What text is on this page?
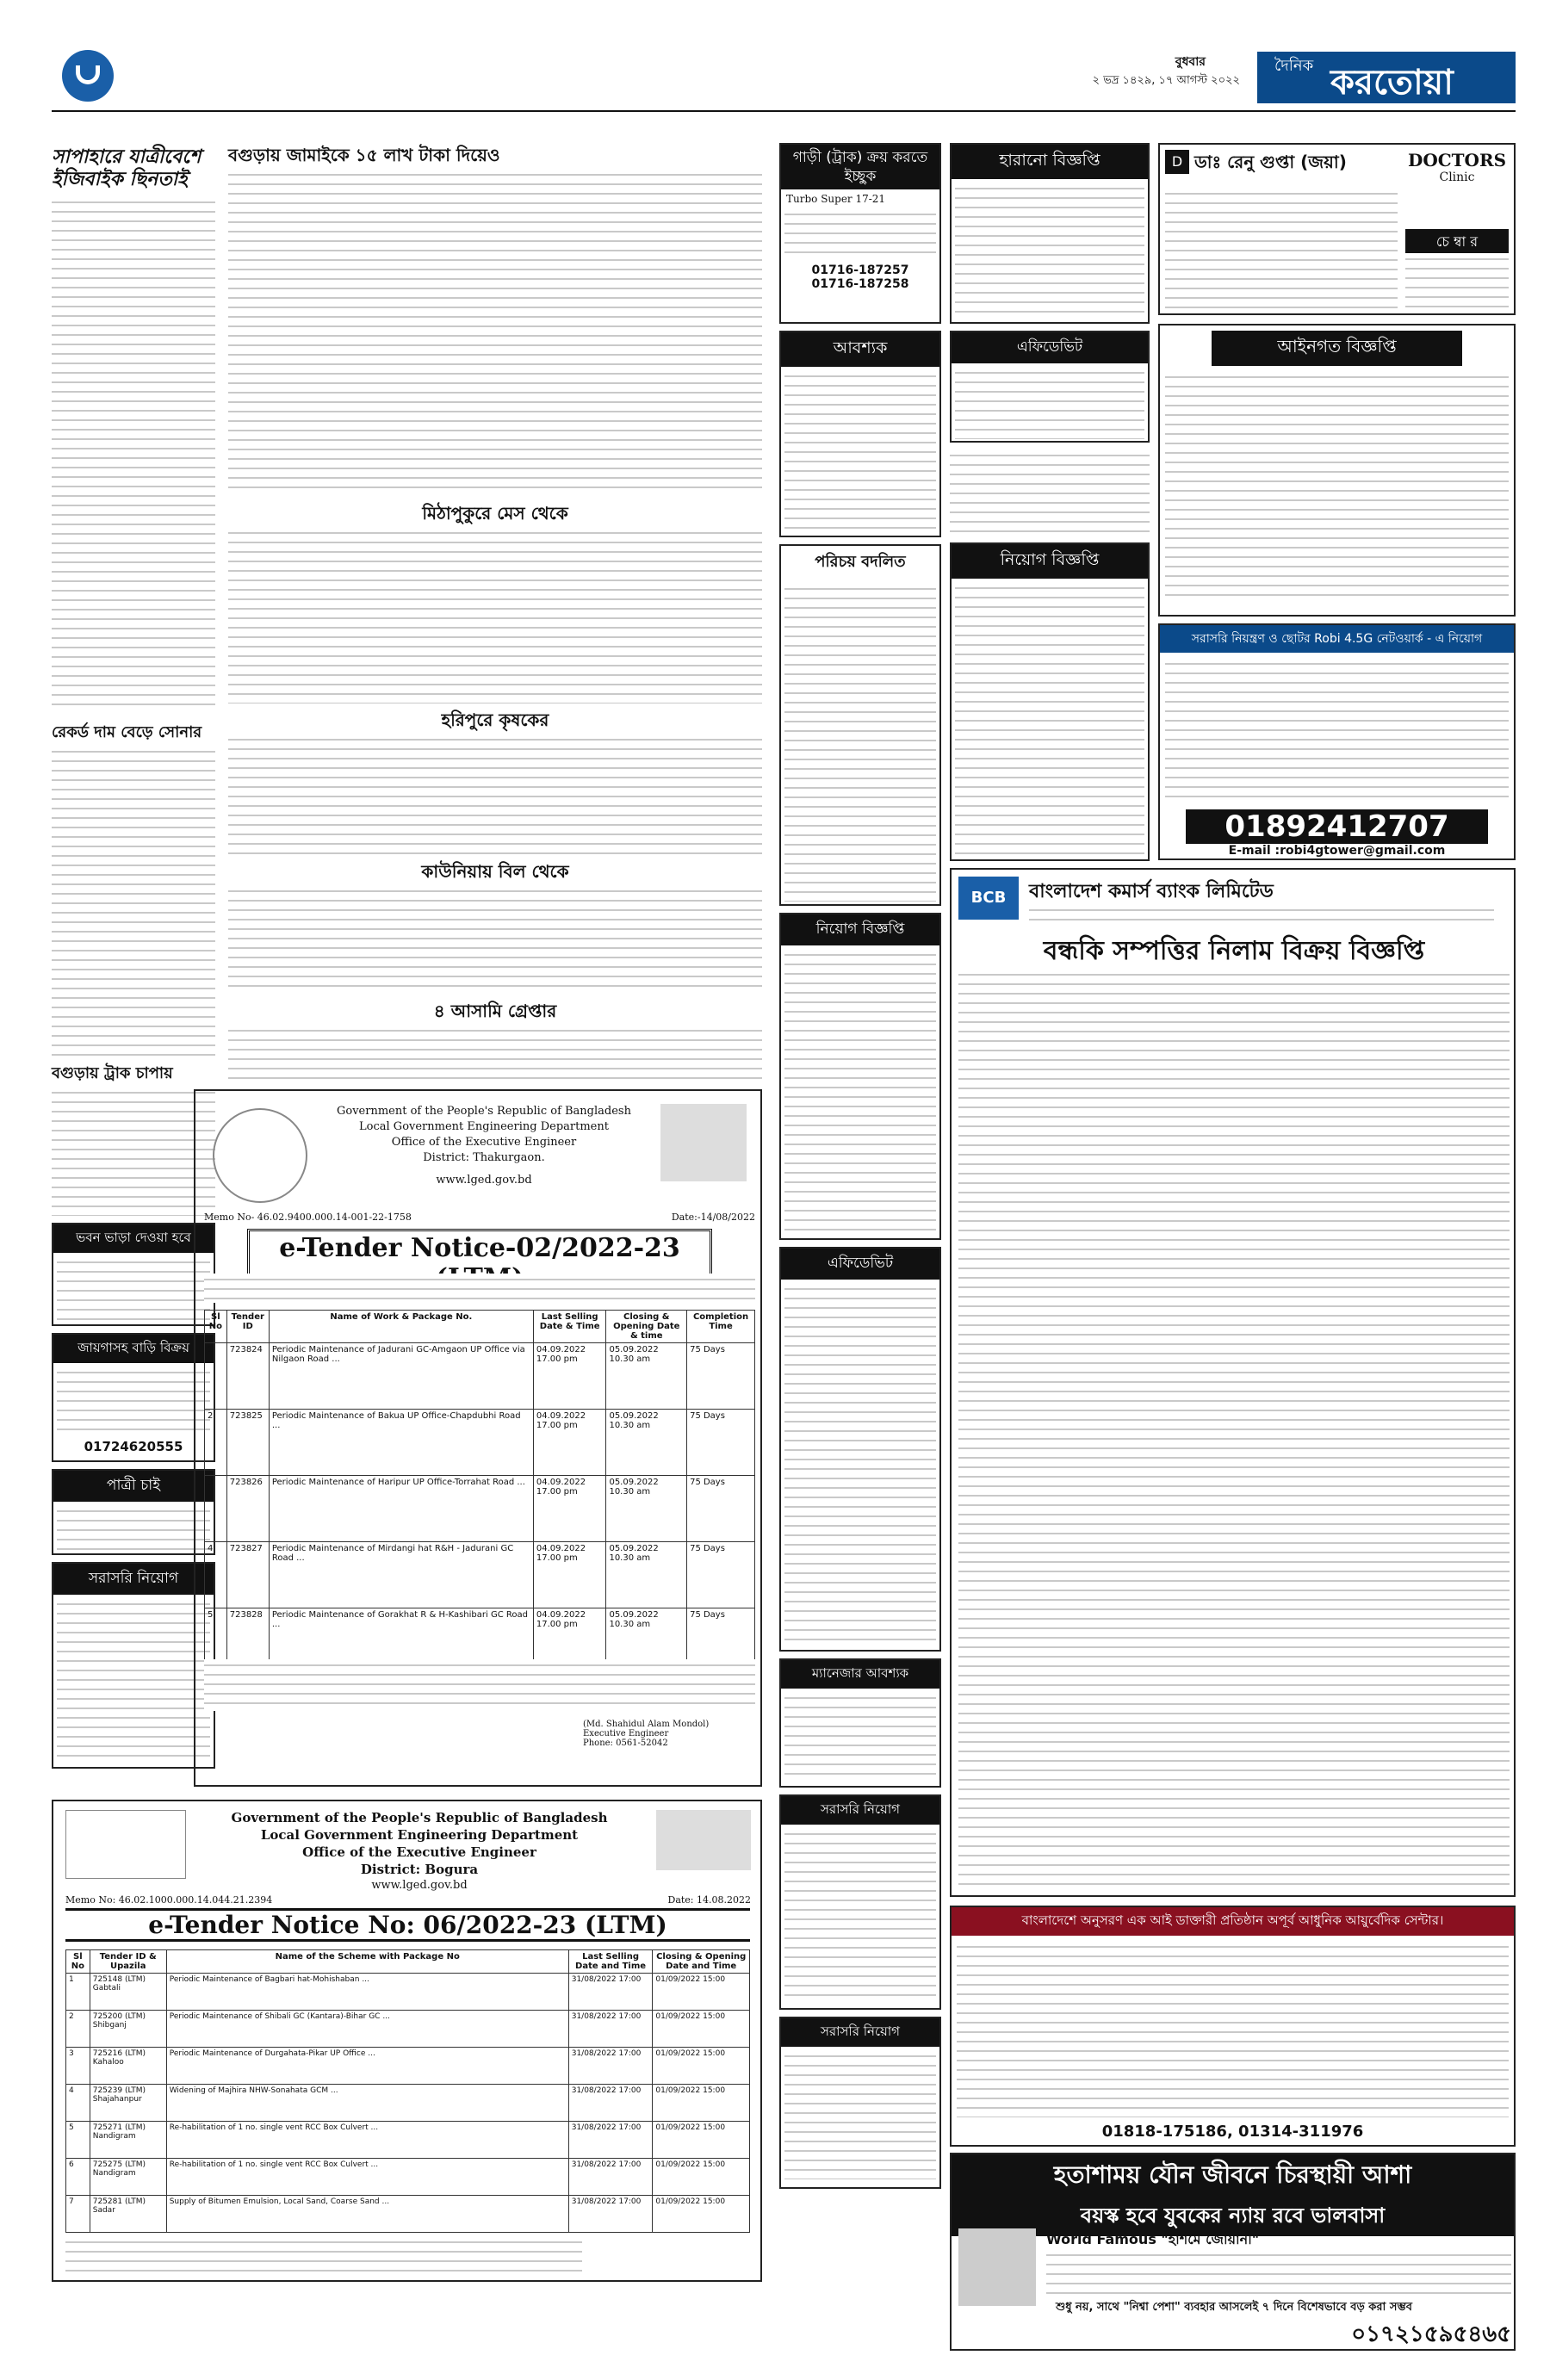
বুধবার
২ ভদ্র ১৪২৯, ১৭ আগস্ট ২০২২
দৈনিক করতোয়া
সাপাহারে যাত্রীবেশে ইজিবাইক ছিনতাই
রেকর্ড দাম বেড়ে সোনার
বগুড়ায় ট্রাক চাপায়
ভবন ভাড়া দেওয়া হবে
জায়গাসহ বাড়ি বিক্রয়
01724620555
পাত্রী চাই
সরাসরি নিয়োগ
বগুড়ায় জামাইকে ১৫ লাখ টাকা দিয়েও
মিঠাপুকুরে মেস থেকে
হরিপুরে কৃষকের
কাউনিয়ায় বিল থেকে
৪ আসামি গ্রেপ্তার
Government of the People's Republic of Bangladesh
Local Government Engineering Department
Office of the Executive Engineer
District: Thakurgaon.
www.lged.gov.bd
Memo No- 46.02.9400.000.14-001-22-1758	Date:-14/08/2022
e-Tender Notice-02/2022-23
Sl No	Tender ID	Name of Work & Package No.	Last Selling Date & Time	Closing & Opening Date & time	Completion Time
1	723824	Periodic Maintenance of Jadurani GC-Amgaon UP Office via Nilgaon Road ...	04.09.2022 17.00 pm	05.09.2022 10.30 am	75 Days
2	723825	Periodic Maintenance of Bakua UP Office-Chapdubhi Road ...	04.09.2022 17.00 pm	05.09.2022 10.30 am	75 Days
3	723826	Periodic Maintenance of Haripur UP Office-Torrahat Road ...	04.09.2022 17.00 pm	05.09.2022 10.30 am	75 Days
4	723827	Periodic Maintenance of Mirdangi hat R&H - Jadurani GC Road ...	04.09.2022 17.00 pm	05.09.2022 10.30 am	75 Days
5	723828	Periodic Maintenance of Gorakhat R & H-Kashibari GC Road ...	04.09.2022 17.00 pm	05.09.2022 10.30 am	75 Days
(Md. Shahidul Alam Mondol)
Executive Engineer
Phone: 0561-52042
Government of the People's Republic of Bangladesh
Local Government Engineering Department
Office of the Executive Engineer
District: Bogura
www.lged.gov.bd
Memo No: 46.02.1000.000.14.044.21.2394	Date: 14.08.2022
e-Tender Notice No: 06/2022-23 (LTM)
Sl No	Tender ID & Upazila	Name of the Scheme with Package No	Last Selling Date and Time	Closing & Opening Date and Time
1	725148 (LTM) Gabtali	Periodic Maintenance of Bagbari hat-Mohishaban ...	31/08/2022 17:00	01/09/2022 15:00
2	725200 (LTM) Shibganj	Periodic Maintenance of Shibali GC (Kantara)-Bihar GC ...	31/08/2022 17:00	01/09/2022 15:00
3	725216 (LTM) Kahaloo	Periodic Maintenance of Durgahata-Pikar UP Office ...	31/08/2022 17:00	01/09/2022 15:00
4	725239 (LTM) Shajahanpur	Widening of Majhira NHW-Sonahata GCM ...	31/08/2022 17:00	01/09/2022 15:00
5	725271 (LTM) Nandigram	Re-habilitation of 1 no. single vent RCC Box Culvert ...	31/08/2022 17:00	01/09/2022 15:00
6	725275 (LTM) Nandigram	Re-habilitation of 1 no. single vent RCC Box Culvert ...	31/08/2022 17:00	01/09/2022 15:00
7	725281 (LTM) Sadar	Supply of Bitumen Emulsion, Local Sand, Coarse Sand ...	31/08/2022 17:00	01/09/2022 15:00
গাড়ী (ট্রাক) ক্রয় করতে ইচ্ছুক
Turbo Super 17-21
01716-187257
01716-187258
আবশ্যক
পরিচয় বদলিত
নিয়োগ বিজ্ঞপ্তি
এফিডেভিট
ম্যানেজার আবশ্যক
সরাসরি নিয়োগ
সরাসরি নিয়োগ
হারানো বিজ্ঞপ্তি
এফিডেভিট
D ডাঃ রেনু গুপ্তা (জয়া)	DOCTORS
Clinic
চে ম্বা র
আইনগত বিজ্ঞপ্তি
সরাসরি নিয়ন্ত্রণ ও ছোটর Robi 4.5G নেটওয়ার্ক - এ নিয়োগ
01892412707
E-mail :robi4gtower@gmail.com
BCB	বাংলাদেশ কমার্স ব্যাংক লিমিটেড
বন্ধকি সম্পত্তির নিলাম বিক্রয় বিজ্ঞপ্তি
নিয়োগ বিজ্ঞপ্তি
বাংলাদেশে অনুসরণ এক আই ডাক্তারী প্রতিষ্ঠান অপূর্ব আধুনিক আয়ুর্বেদিক সেন্টার।
01818-175186, 01314-311976
হতাশাময় যৌন জীবনে চিরস্থায়ী আশা
বয়স্ক হবে যুবকের ন্যায় রবে ভালবাসা
World Famous "হাশমে জোয়ানী"
শুধু নয়, সাথে "নিশ্বা পেশা" ব্যবহার আসলেই ৭ দিনে বিশেষভাবে বড় করা সম্ভব
০১৭২১৫৯৫৪৬৫
